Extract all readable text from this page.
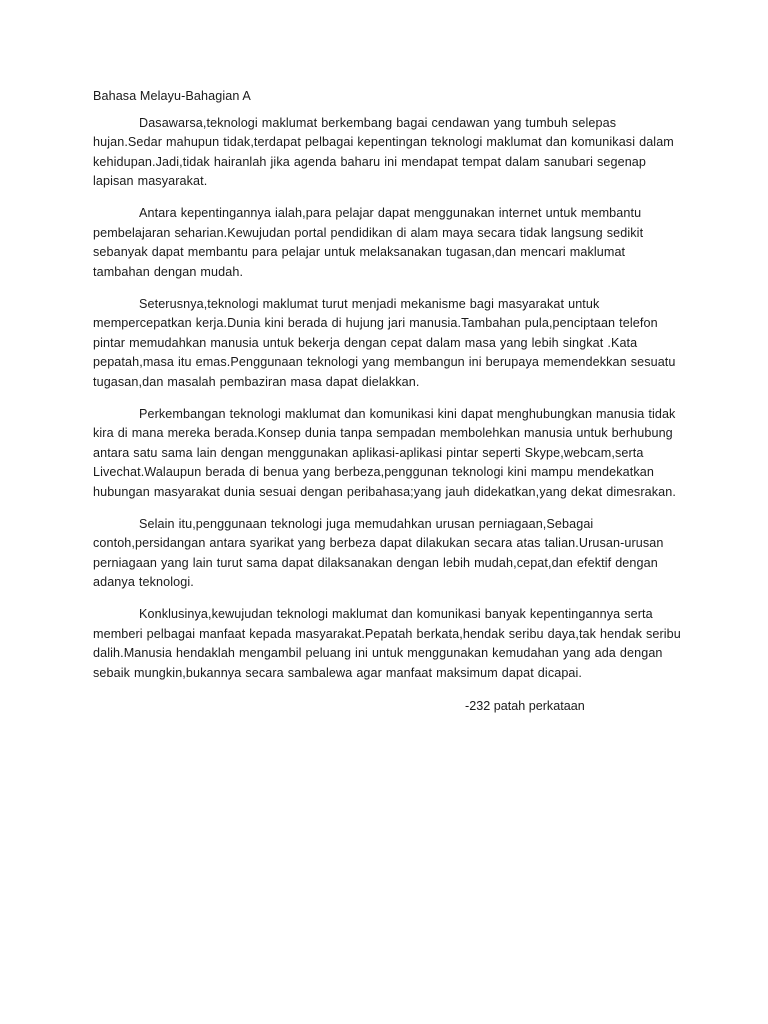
Bahasa Melayu-Bahagian A

Dasawarsa,teknologi maklumat berkembang bagai cendawan yang tumbuh selepas hujan.Sedar mahupun tidak,terdapat pelbagai kepentingan teknologi maklumat dan komunikasi dalam kehidupan.Jadi,tidak hairanlah jika agenda baharu ini mendapat tempat dalam sanubari segenap lapisan masyarakat.

Antara kepentingannya ialah,para pelajar dapat menggunakan internet untuk membantu pembelajaran seharian.Kewujudan portal pendidikan di alam maya secara tidak langsung sedikit sebanyak dapat membantu para pelajar untuk melaksanakan tugasan,dan mencari maklumat tambahan dengan mudah.

Seterusnya,teknologi maklumat turut menjadi mekanisme bagi masyarakat untuk mempercepatkan kerja.Dunia kini berada di hujung jari manusia.Tambahan pula,penciptaan telefon pintar memudahkan manusia untuk bekerja dengan cepat dalam masa yang lebih singkat .Kata pepatah,masa itu emas.Penggunaan teknologi yang membangun ini berupaya memendekkan sesuatu tugasan,dan masalah pembaziran masa dapat dielakkan.

Perkembangan teknologi maklumat dan komunikasi kini dapat menghubungkan manusia tidak kira di mana mereka berada.Konsep dunia tanpa sempadan membolehkan manusia untuk berhubung antara satu sama lain dengan menggunakan aplikasi-aplikasi pintar seperti Skype,webcam,serta Livechat.Walaupun berada di benua yang berbeza,penggunan teknologi kini mampu mendekatkan hubungan masyarakat dunia sesuai dengan peribahasa;yang jauh didekatkan,yang dekat dimesrakan.

Selain itu,penggunaan teknologi juga memudahkan urusan perniagaan,Sebagai contoh,persidangan antara syarikat yang berbeza dapat dilakukan secara atas talian.Urusan-urusan perniagaan yang lain turut sama dapat dilaksanakan dengan lebih mudah,cepat,dan efektif dengan adanya teknologi.

Konklusinya,kewujudan teknologi maklumat dan komunikasi banyak kepentingannya serta memberi pelbagai manfaat kepada masyarakat.Pepatah berkata,hendak seribu daya,tak hendak seribu dalih.Manusia hendaklah mengambil peluang ini untuk menggunakan kemudahan yang ada dengan sebaik mungkin,bukannya secara sambalewa agar manfaat maksimum dapat dicapai.

-232 patah perkataan
